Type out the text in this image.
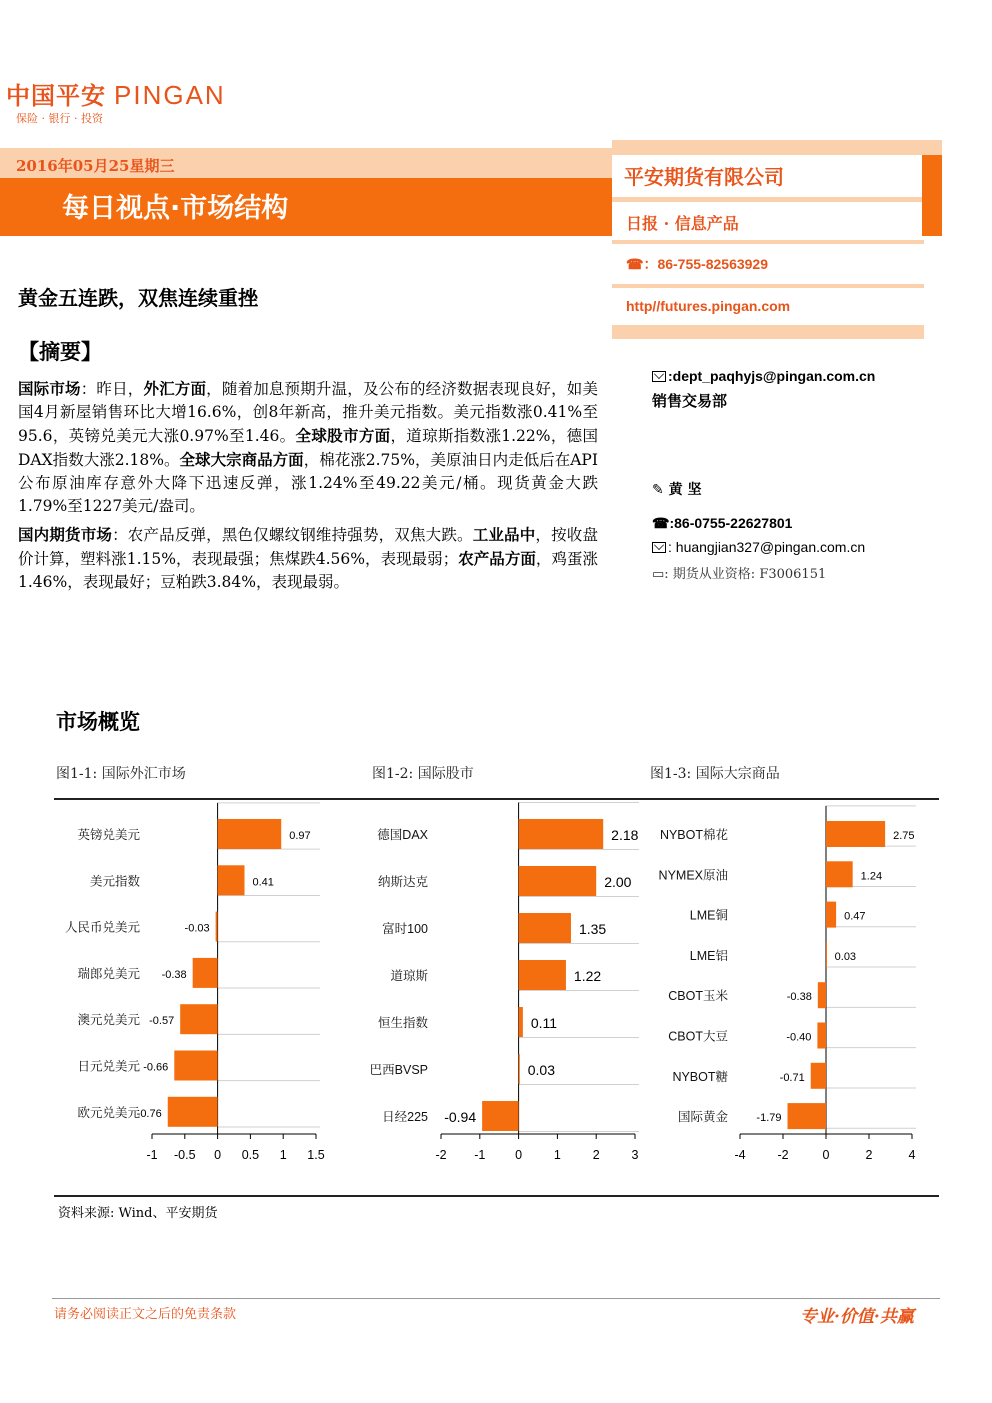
中国平安 PINGAN
保险 · 银行 · 投资
2016年05月25星期三
每日视点·市场结构
平安期货有限公司
日报 · 信息产品
☎：86-755-82563929
http//futures.pingan.com
:dept_paqhyjs@pingan.com.cn
销售交易部
✎ 黄 坚
☎:86-0755-22627801
: huangjian327@pingan.com.cn
▭: 期货从业资格: F3006151
黄金五连跌，双焦连续重挫
【摘要】
国际市场：昨日，外汇方面，随着加息预期升温，及公布的经济数据表现良好，如美国4月新屋销售环比大增16.6%，创8年新高，推升美元指数。美元指数涨0.41%至95.6，英镑兑美元大涨0.97%至1.46。全球股市方面，道琼斯指数涨1.22%，德国DAX指数大涨2.18%。全球大宗商品方面，棉花涨2.75%，美原油日内走低后在API公布原油库存意外大降下迅速反弹，涨1.24%至49.22美元/桶。现货黄金大跌1.79%至1227美元/盎司。
国内期货市场：农产品反弹，黑色仅螺纹钢维持强势，双焦大跌。工业品中，按收盘价计算，塑料涨1.15%，表现最强；焦煤跌4.56%，表现最弱；农产品方面，鸡蛋涨1.46%，表现最好；豆粕跌3.84%，表现最弱。
市场概览
图1-1: 国际外汇市场	图1-2: 国际股市	图1-3: 国际大宗商品
-1 -0.5 0 0.5 1 1.5
英镑兑美元	0.97
美元指数	0.41
人民币兑美元	-0.03
瑞郎兑美元 -0.38
澳元兑美元 -0.57
日元兑美元 -0.66
欧元兑美元
-0.76
-2 -1 0	1	2	3
德国DAX	2.18
纳斯达克	2.00
富时100	1.35
道琼斯	1.22
恒生指数	0.11
巴西BVSP	0.03
日经225 -0.94
-4	-2	0	2	4
NYBOT棉花	2.75
NYMEX原油	1.24
LME铜	0.47
LME铝	0.03
CBOT玉米	-0.38
CBOT大豆	-0.40
NYBOT糖	-0.71
国际黄金	-1.79
资料来源: Wind、平安期货
请务必阅读正文之后的免责条款	专业·价值·共赢
